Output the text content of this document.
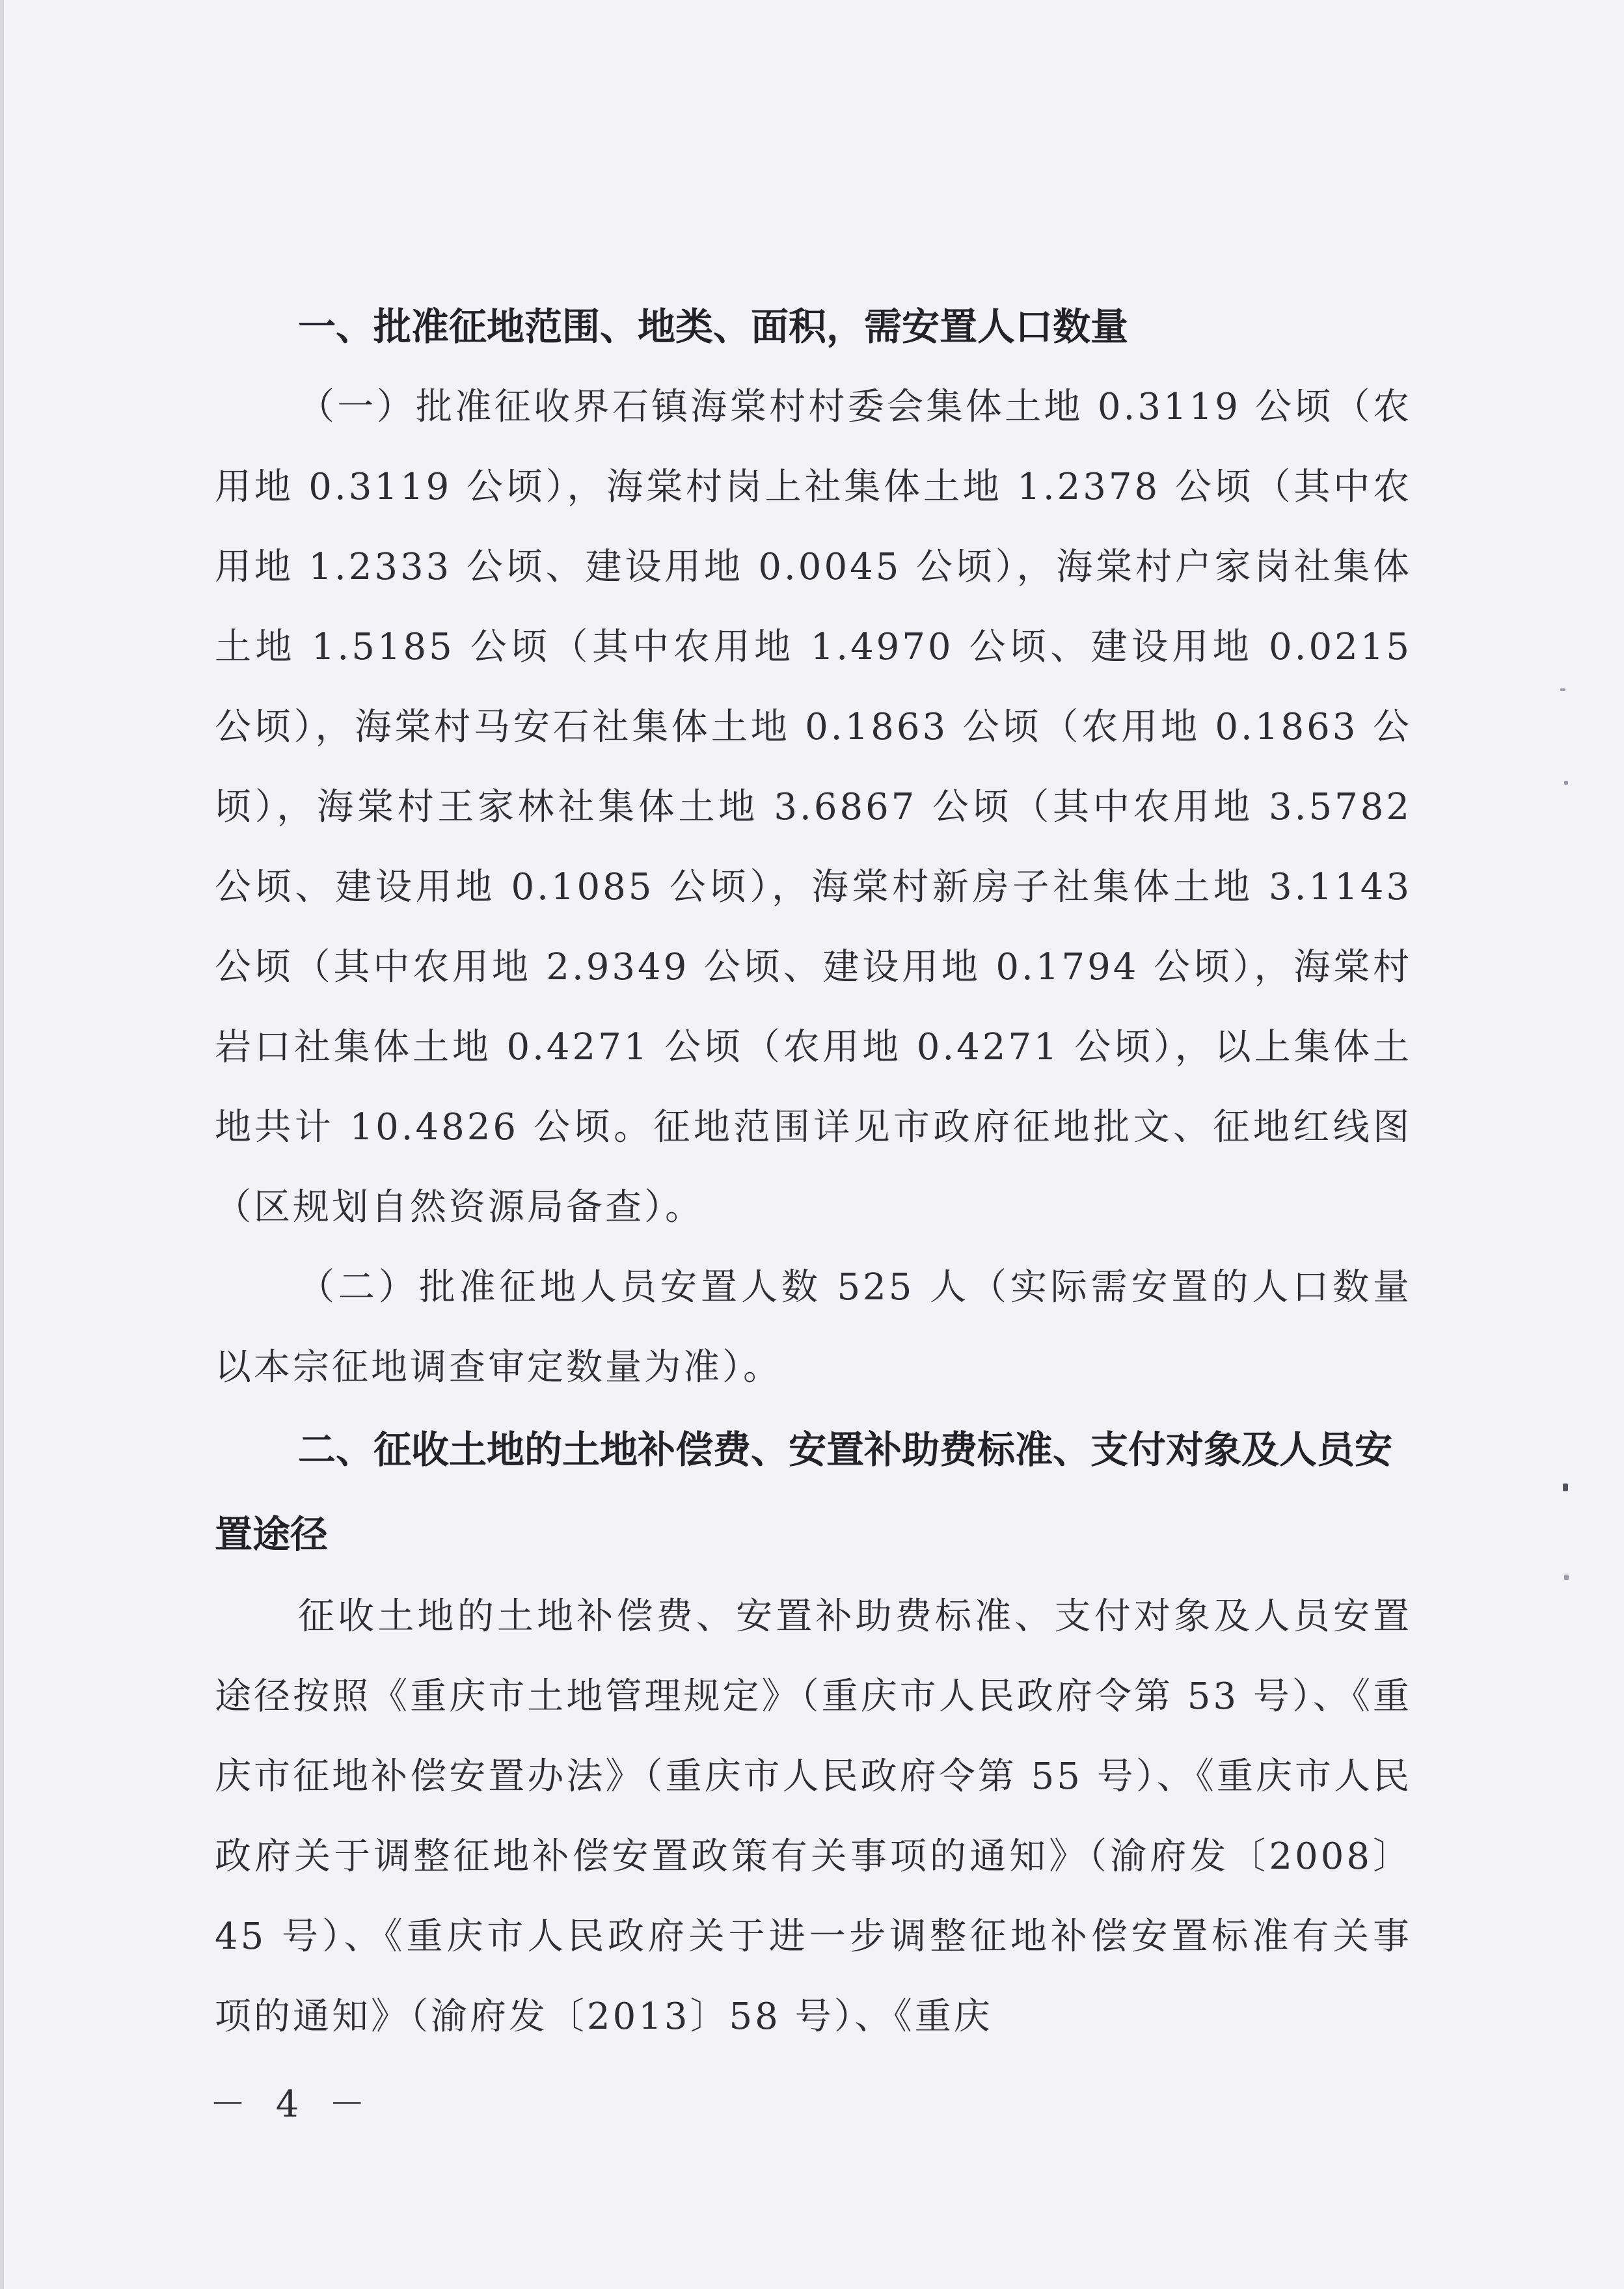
一、批准征地范围、地类、面积，需安置人口数量

（一）批准征收界石镇海棠村村委会集体土地 0.3119 公顷（农用地 0.3119 公顷），海棠村岗上社集体土地 1.2378 公顷（其中农用地 1.2333 公顷、建设用地 0.0045 公顷），海棠村户家岗社集体土地 1.5185 公顷（其中农用地 1.4970 公顷、建设用地 0.0215 公顷），海棠村马安石社集体土地 0.1863 公顷（农用地 0.1863 公顷），海棠村王家林社集体土地 3.6867 公顷（其中农用地 3.5782 公顷、建设用地 0.1085 公顷），海棠村新房子社集体土地 3.1143 公顷（其中农用地 2.9349 公顷、建设用地 0.1794 公顷），海棠村岩口社集体土地 0.4271 公顷（农用地 0.4271 公顷），以上集体土地共计 10.4826 公顷。征地范围详见市政府征地批文、征地红线图（区规划自然资源局备查）。

（二）批准征地人员安置人数 525 人（实际需安置的人口数量以本宗征地调查审定数量为准）。

二、征收土地的土地补偿费、安置补助费标准、支付对象及人员安置途径

征收土地的土地补偿费、安置补助费标准、支付对象及人员安置途径按照《重庆市土地管理规定》（重庆市人民政府令第 53 号）、《重庆市征地补偿安置办法》（重庆市人民政府令第 55 号）、《重庆市人民政府关于调整征地补偿安置政策有关事项的通知》（渝府发〔2008〕45 号）、《重庆市人民政府关于进一步调整征地补偿安置标准有关事项的通知》（渝府发〔2013〕58 号）、《重庆

－ 4 －
